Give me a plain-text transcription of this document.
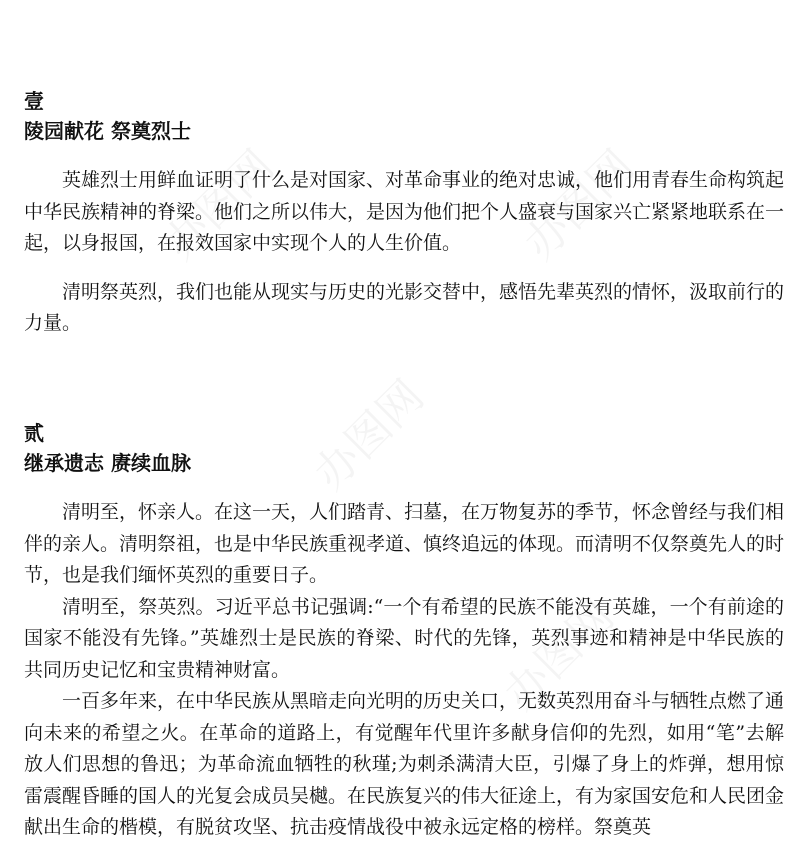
壹
陵园献花 祭奠烈士

英雄烈士用鲜血证明了什么是对国家、对革命事业的绝对忠诚，他们用青春生命构筑起中华民族精神的脊梁。他们之所以伟大，是因为他们把个人盛衰与国家兴亡紧紧地联系在一起，以身报国，在报效国家中实现个人的人生价值。

清明祭英烈，我们也能从现实与历史的光影交替中，感悟先辈英烈的情怀，汲取前行的力量。

贰
继承遗志 赓续血脉

清明至，怀亲人。在这一天，人们踏青、扫墓，在万物复苏的季节，怀念曾经与我们相伴的亲人。清明祭祖，也是中华民族重视孝道、慎终追远的体现。而清明不仅祭奠先人的时节，也是我们缅怀英烈的重要日子。

清明至，祭英烈。习近平总书记强调:“一个有希望的民族不能没有英雄，一个有前途的国家不能没有先锋。”英雄烈士是民族的脊梁、时代的先锋，英烈事迹和精神是中华民族的共同历史记忆和宝贵精神财富。

一百多年来，在中华民族从黑暗走向光明的历史关口，无数英烈用奋斗与牺牲点燃了通向未来的希望之火。在革命的道路上，有觉醒年代里许多献身信仰的先烈，如用“笔”去解放人们思想的鲁迅；为革命流血牺牲的秋瑾;为刺杀满清大臣，引爆了身上的炸弹，想用惊雷震醒昏睡的国人的光复会成员吴樾。在民族复兴的伟大征途上，有为家国安危和人民团金献出生命的楷模，有脱贫攻坚、抗击疫情战役中被永远定格的榜样。祭奠英
